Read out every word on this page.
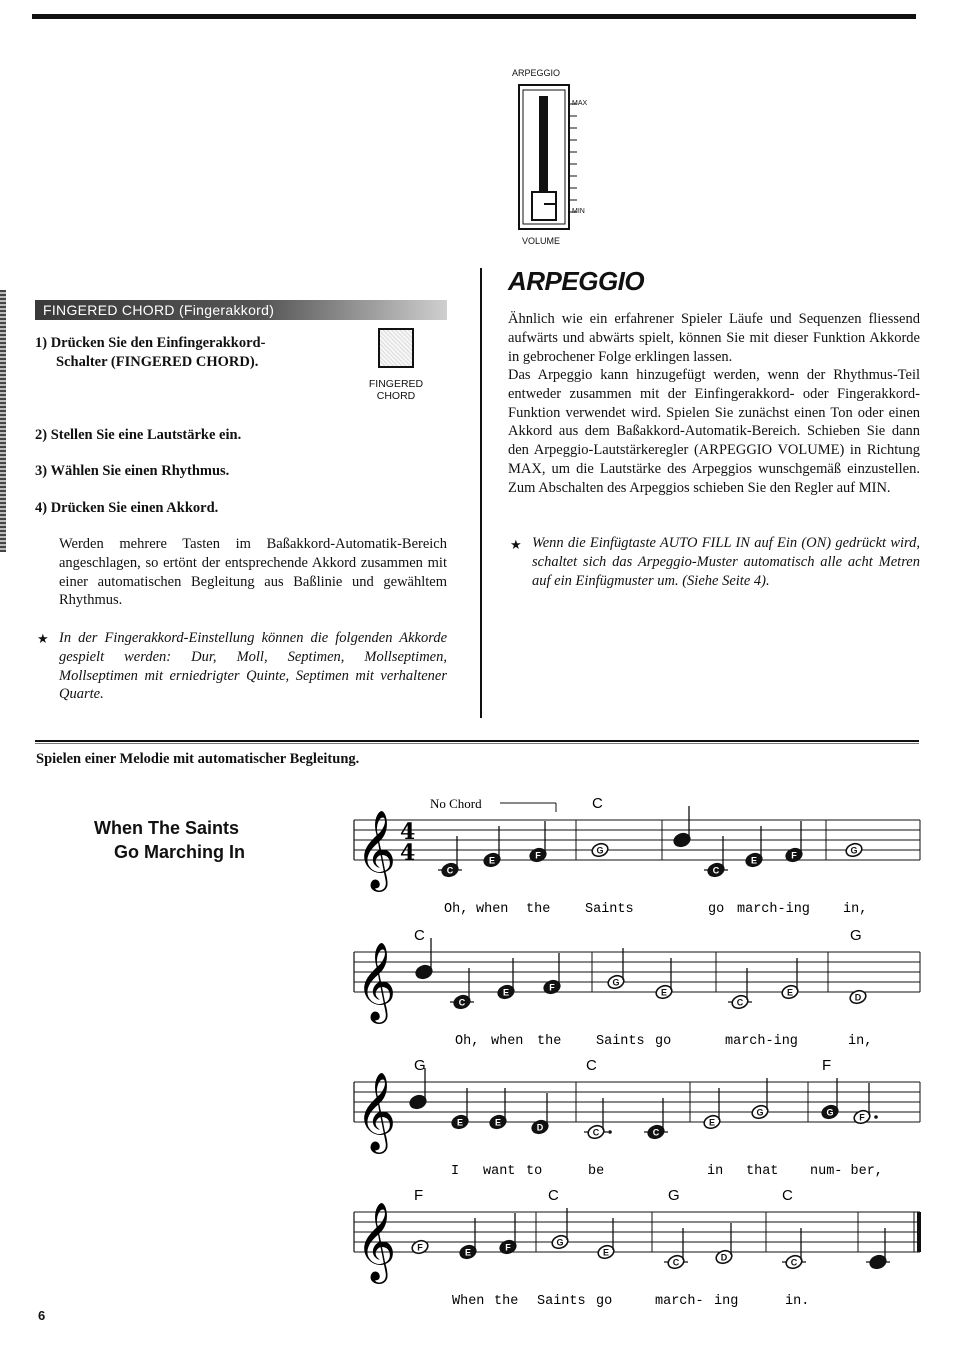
ARPEGGIO
MAX
MIN
VOLUME
FINGERED CHORD (Fingerakkord)
1) Drücken Sie den Einfingerakkord-
Schalter (FINGERED CHORD).
FINGERED
CHORD
2) Stellen Sie eine Lautstärke ein.
3) Wählen Sie einen Rhythmus.
4) Drücken Sie einen Akkord.
Werden mehrere Tasten im Baßakkord-Automatik-Bereich angeschlagen, so ertönt der entsprechende Akkord zusammen mit einer automatischen Begleitung aus Baßlinie und gewähltem Rhythmus.
★ In der Fingerakkord-Einstellung können die folgenden Akkorde gespielt werden: Dur, Moll, Septimen, Mollseptimen, Mollseptimen mit erniedrigter Quinte, Septimen mit verhaltener Quarte.
ARPEGGIO
Ähnlich wie ein erfahrener Spieler Läufe und Sequenzen fliessend aufwärts und abwärts spielt, können Sie mit dieser Funktion Akkorde in gebrochener Folge erklingen lassen.
Das Arpeggio kann hinzugefügt werden, wenn der Rhythmus-Teil entweder zusammen mit der Einfingerakkord- oder Fingerakkord-Funktion verwendet wird. Spielen Sie zunächst einen Ton oder einen Akkord aus dem Baßakkord-Automatik-Bereich. Schieben Sie dann den Arpeggio-Lautstärkeregler (ARPEGGIO VOLUME) in Richtung MAX, um die Lautstärke des Arpeggios wunschgemäß einzustellen. Zum Abschalten des Arpeggios schieben Sie den Regler auf MIN.
★ Wenn die Einfügtaste AUTO FILL IN auf Ein (ON) gedrückt wird, schaltet sich das Arpeggio-Muster automatisch alle acht Metren auf ein Einfügmuster um. (Siehe Seite 4).
Spielen einer Melodie mit automatischer Begleitung.
When The Saints
Go Marching In 𝄞 4
4
No Chord	C
C
E	F	G
C
E	F	G
Oh, when the	Saints	go march-ing in,
𝄞
C	G
C
E	F	G
E
C
E	D
Oh, when the	Saints go	march-ing	in,
𝄞
G	C	F
E	E	D	C	C
E
G	G	F
I want to	be	in that num- ber,
𝄞
F	C	G	C
F	E	F	G
E
C	D	C
When the Saints go	march- ing	in.
6
